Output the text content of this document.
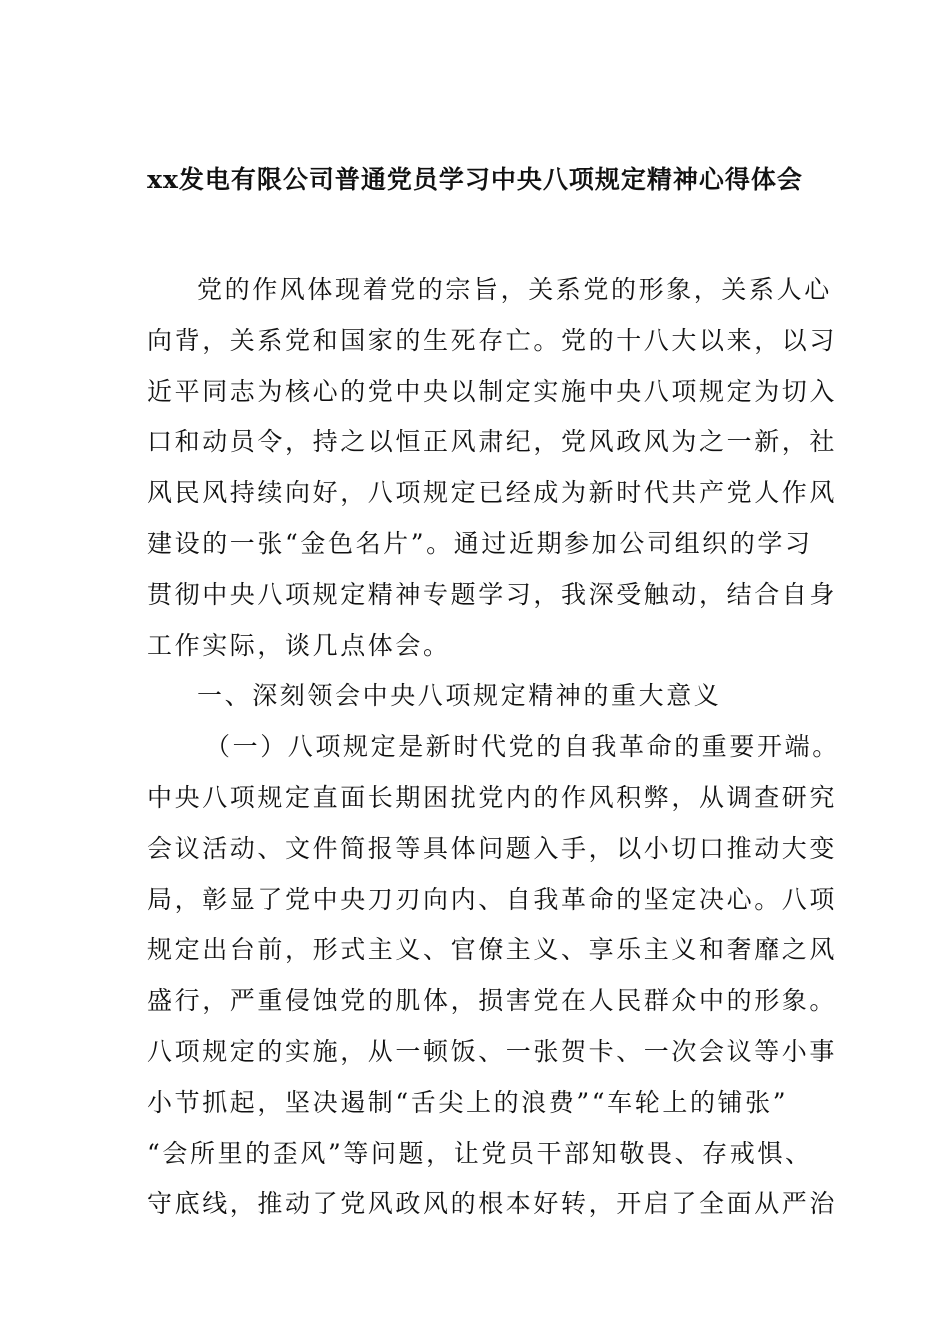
xx发电有限公司普通党员学习中央八项规定精神心得体会
党的作风体现着党的宗旨，关系党的形象，关系人心
向背，关系党和国家的生死存亡。党的十八大以来，以习
近平同志为核心的党中央以制定实施中央八项规定为切入
口和动员令，持之以恒正风肃纪，党风政风为之一新，社
风民风持续向好，八项规定已经成为新时代共产党人作风
建设的一张“金色名片”。通过近期参加公司组织的学习
贯彻中央八项规定精神专题学习，我深受触动，结合自身
工作实际，谈几点体会。
一、深刻领会中央八项规定精神的重大意义
（一）八项规定是新时代党的自我革命的重要开端。
中央八项规定直面长期困扰党内的作风积弊，从调查研究
会议活动、文件简报等具体问题入手，以小切口推动大变
局，彰显了党中央刀刃向内、自我革命的坚定决心。八项
规定出台前，形式主义、官僚主义、享乐主义和奢靡之风
盛行，严重侵蚀党的肌体，损害党在人民群众中的形象。
八项规定的实施，从一顿饭、一张贺卡、一次会议等小事
小节抓起，坚决遏制“舌尖上的浪费”“车轮上的铺张”
“会所里的歪风”等问题，让党员干部知敬畏、存戒惧、
守底线，推动了党风政风的根本好转，开启了全面从严治
